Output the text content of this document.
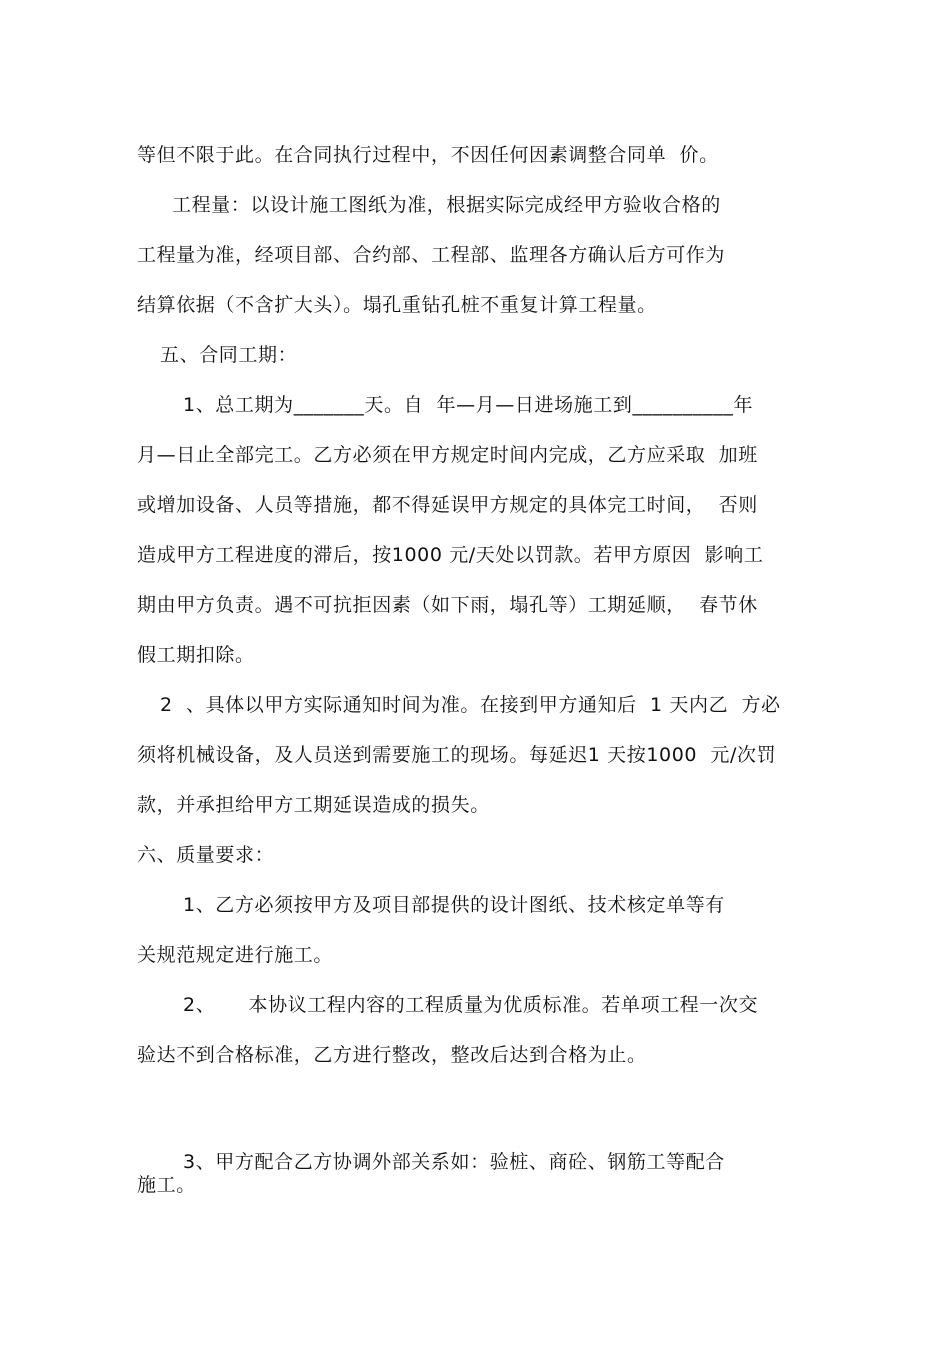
等但不限于此。在合同执行过程中，不因任何因素调整合同单  价。
工程量：以设计施工图纸为准，根据实际完成经甲方验收合格的
工程量为准，经项目部、合约部、工程部、监理各方确认后方可作为
结算依据（不含扩大头）。塌孔重钻孔桩不重复计算工程量。
五、合同工期：
1、总工期为_______天。自  年—月—日进场施工到__________年
月—日止全部完工。乙方必须在甲方规定时间内完成，乙方应采取  加班
或增加设备、人员等措施，都不得延误甲方规定的具体完工时间，  否则
造成甲方工程进度的滞后，按1000 元/天处以罚款。若甲方原因  影响工
期由甲方负责。遇不可抗拒因素（如下雨，塌孔等）工期延顺，  春节休
假工期扣除。
2  、具体以甲方实际通知时间为准。在接到甲方通知后  1 天内乙  方必
须将机械设备，及人员送到需要施工的现场。每延迟1 天按1000  元/次罚
款，并承担给甲方工期延误造成的损失。
六、质量要求：
1、乙方必须按甲方及项目部提供的设计图纸、技术核定单等有
关规范规定进行施工。
2、     本协议工程内容的工程质量为优质标准。若单项工程一次交
验达不到合格标准，乙方进行整改，整改后达到合格为止。
3、甲方配合乙方协调外部关系如：验桩、商砼、钢筋工等配合
施工。
